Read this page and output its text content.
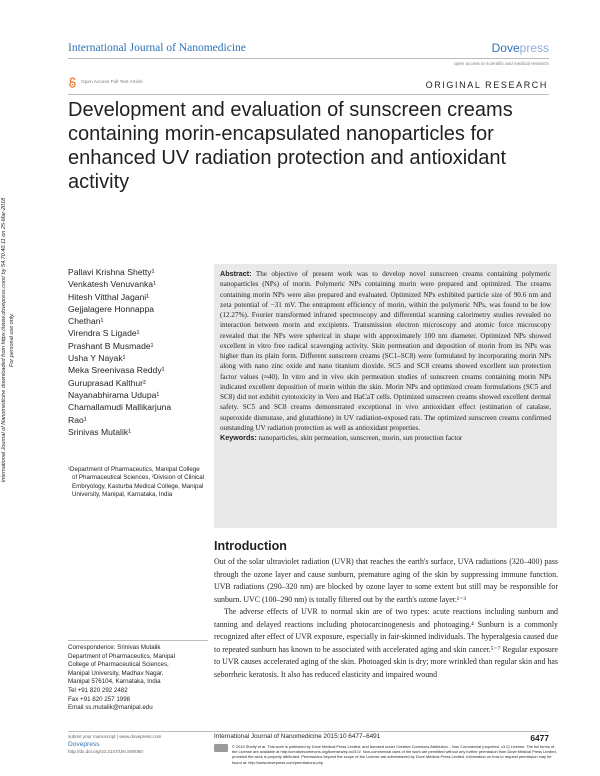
International Journal of Nanomedicine	Dovepress
open access to scientific and medical research
Open Access Full Text Article	ORIGINAL RESEARCH
Development and evaluation of sunscreen creams containing morin-encapsulated nanoparticles for enhanced UV radiation protection and antioxidant activity
International Journal of Nanomedicine downloaded from https://www.dovepress.com/ by 54.70.40.11 on 25-Mar-2018 For personal use only.
Pallavi Krishna Shetty¹
Venkatesh Venuvanka¹
Hitesh Vitthal Jagani¹
Gejjalagere Honnappa
Chethan¹
Virendra S Ligade¹
Prashant B Musmade¹
Usha Y Nayak¹
Meka Sreenivasa Reddy¹
Guruprasad Kalthur²
Nayanabhirama Udupa¹
Chamallamudi Mallikarjuna
Rao¹
Srinivas Mutalik¹

¹Department of Pharmaceutics, Manipal College of Pharmaceutical Sciences, ²Division of Clinical Embryology, Kasturba Medical College, Manipal University, Manipal, Karnataka, India

Correspondence: Srinivas Mutalik
Department of Pharmaceutics, Manipal
College of Pharmaceutical Sciences,
Manipal University, Madhav Nagar,
Manipal 576104, Karnataka, India
Tel +91 820 292 2482
Fax +91 820 257 1998
Email ss.mutalik@manipal.edu
Abstract: The objective of present work was to develop novel sunscreen creams containing polymeric nanoparticles (NPs) of morin. Polymeric NPs containing morin were prepared and optimized. The creams containing morin NPs were also prepared and evaluated. Optimized NPs exhibited particle size of 90.6 nm and zeta potential of −31 mV. The entrapment efficiency of morin, within the polymeric NPs, was found to be low (12.27%). Fourier transformed infrared spectroscopy and differential scanning calorimetry studies revealed no interaction between morin and excipients. Transmission electron microscopy and atomic force microscopy revealed that the NPs were spherical in shape with approximately 100 nm diameter. Optimized NPs showed excellent in vitro free radical scavenging activity. Skin permeation and deposition of morin from its NPs was higher than its plain form. Different sunscreen creams (SC1–SC8) were formulated by incorporating morin NPs along with nano zinc oxide and nano titanium dioxide. SC5 and SC8 creams showed excellent sun protection factor values (≈40). In vitro and in vivo skin permeation studies of sunscreen creams containing morin NPs indicated excellent deposition of morin within the skin. Morin NPs and optimized cream formulations (SC5 and SC8) did not exhibit cytotoxicity in Vero and HaCaT cells. Optimized sunscreen creams showed excellent dermal safety. SC5 and SC8 creams demonstrated exceptional in vivo antioxidant effect (estimation of catalase, superoxide dismutase, and glutathione) in UV radiation-exposed rats. The optimized sunscreen creams confirmed outstanding UV radiation protection as well as antioxidant properties.
Keywords: nanoparticles, skin permeation, sunscreen, morin, sun protection factor
Introduction

Out of the solar ultraviolet radiation (UVR) that reaches the earth's surface, UVA radiations (320–400) pass through the ozone layer and cause sunburn, premature aging of the skin by suppressing immune function. UVB radiations (290–320 nm) are blocked by ozone layer to some extent but still may be responsible for sunburn. UVC (100–290 nm) is totally filtered out by the earth's ozone layer.¹⁻³

The adverse effects of UVR to normal skin are of two types: acute reactions including sunburn and tanning and delayed reactions including photocarcinogenesis and photoaging.⁴ Sunburn is a commonly recognized after effect of UVR exposure, especially in fair-skinned individuals. The hyperalgesia caused due to repeated sunburn has known to be associated with accelerated aging and skin cancer.⁵⁻⁷ Regular exposure to UVR causes accelerated aging of the skin. Photoaged skin is dry; more wrinkled than regular skin and has seborrheic keratosis. It also has reduced elasticity and impaired wound

submit your manuscript | www.dovepress.com
Dovepress
http://dx.doi.org/10.2147/IJN.S90060
International Journal of Nanomedicine 2015:10 6477–6491	6477
© 2015 Shetty et al. This work is published by Dove Medical Press Limited, and licensed under Creative Commons Attribution – Non Commercial (unported, v3.0) License. The full terms of the License are available at http://creativecommons.org/licenses/by-nc/3.0/. Non-commercial uses of the work are permitted without any further permission from Dove Medical Press Limited, provided the work is properly attributed. Permissions beyond the scope of the License are administered by Dove Medical Press Limited. Information on how to request permission may be found at: http://www.dovepress.com/permissions.php
